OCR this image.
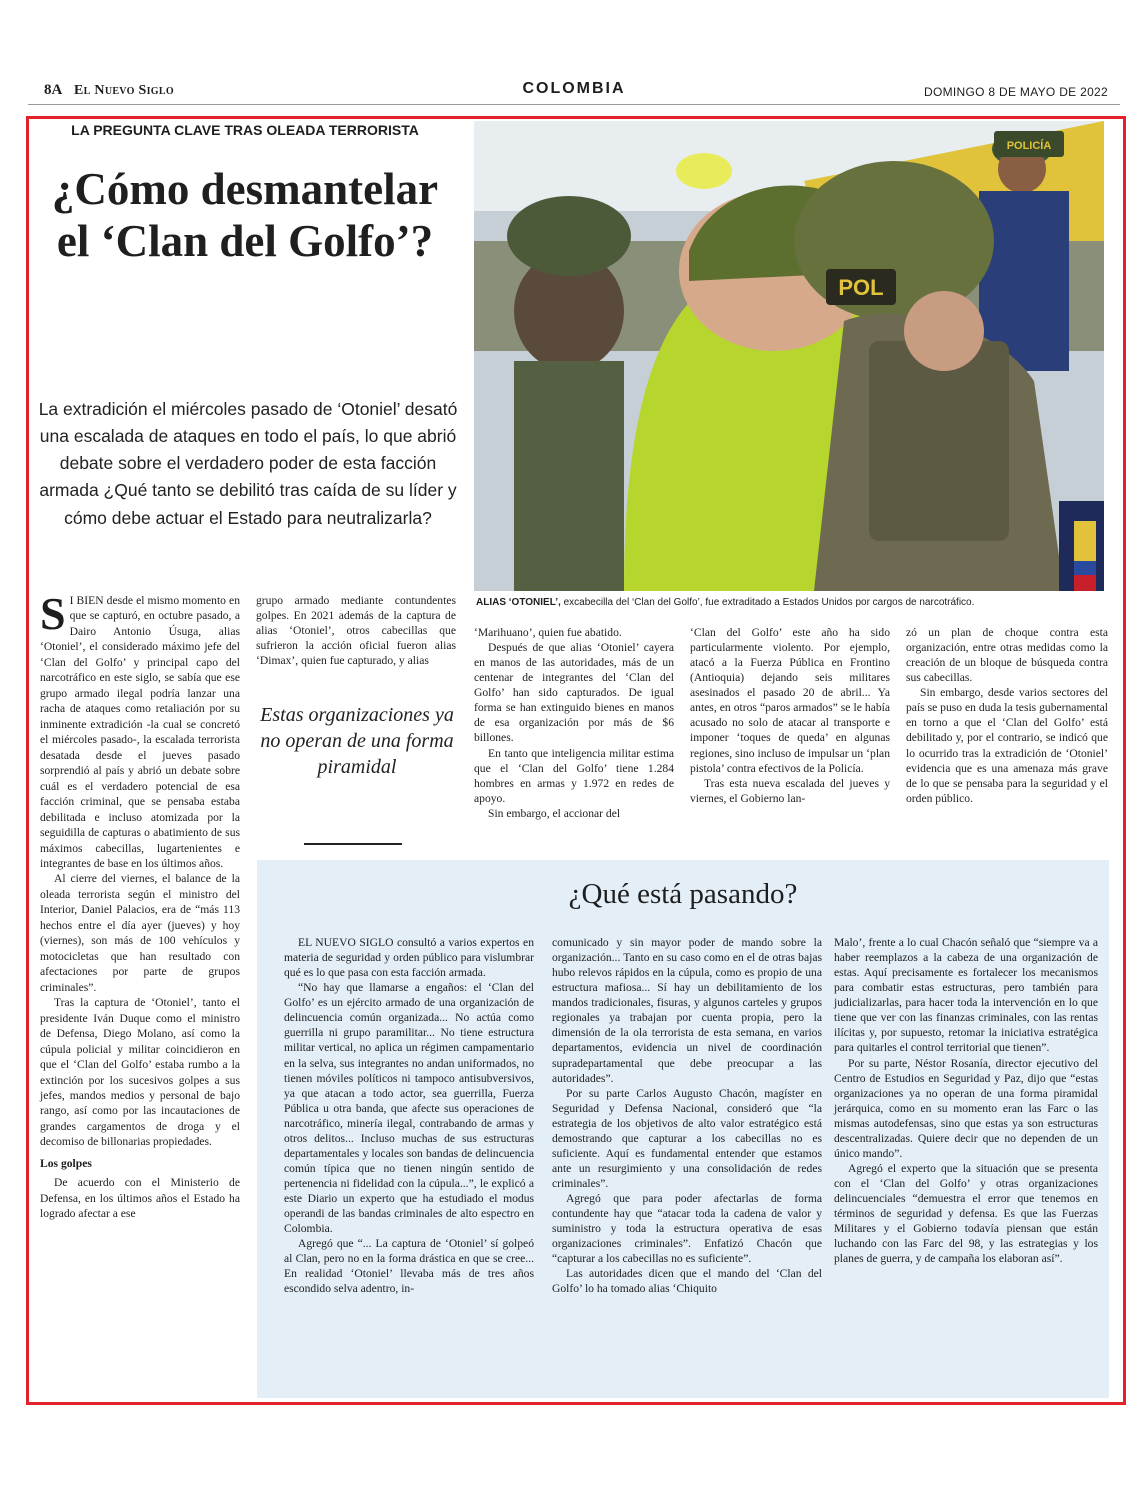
8A El Nuevo Siglo	COLOMBIA	DOMINGO 8 DE MAYO DE 2022
LA PREGUNTA CLAVE TRAS OLEADA TERRORISTA
¿Cómo desmantelar el ‘Clan del Golfo’?

La extradición el miércoles pasado de ‘Otoniel’ desató una escalada de ataques en todo el país, lo que abrió debate sobre el verdadero poder de esta facción armada ¿Qué tanto se debilitó tras caída de su líder y cómo debe actuar el Estado para neutralizarla?

POL
POLICÍA
ALIAS ‘OTONIEL’, excabecilla del ‘Clan del Golfo’, fue extraditado a Estados Unidos por cargos de narcotráfico.

S I BIEN desde el mismo momento en que se capturó, en octubre pasado, a Dairo Antonio Úsuga, alias ‘Otoniel’, el considerado máximo jefe del ‘Clan del Golfo’ y principal capo del narcotráfico en este siglo, se sabía que ese grupo armado ilegal podría lanzar una racha de ataques como retaliación por su inminente extradición -la cual se concretó el miércoles pasado-, la escalada terrorista desatada desde el jueves pasado sorprendió al país y abrió un debate sobre cuál es el verdadero potencial de esa facción criminal, que se pensaba estaba debilitada e incluso atomizada por la seguidilla de capturas o abatimiento de sus máximos cabecillas, lugartenientes e integrantes de base en los últimos años.

Al cierre del viernes, el balance de la oleada terrorista según el ministro del Interior, Daniel Palacios, era de “más 113 hechos entre el día ayer (jueves) y hoy (viernes), son más de 100 vehículos y motocicletas que han resultado con afectaciones por parte de grupos criminales”.

Tras la captura de ‘Otoniel’, tanto el presidente Iván Duque como el ministro de Defensa, Diego Molano, así como la cúpula policial y militar coincidieron en que el ‘Clan del Golfo’ estaba rumbo a la extinción por los sucesivos golpes a sus jefes, mandos medios y personal de bajo rango, así como por las incautaciones de grandes cargamentos de droga y el decomiso de billonarias propiedades.

Los golpes

De acuerdo con el Ministerio de Defensa, en los últimos años el Estado ha logrado afectar a ese

grupo armado mediante contundentes golpes. En 2021 además de la captura de alias ‘Otoniel’, otros cabecillas que sufrieron la acción oficial fueron alias ‘Dimax’, quien fue capturado, y alias

Estas organizaciones ya no operan de una forma piramidal

‘Marihuano’, quien fue abatido.

Después de que alias ‘Otoniel’ cayera en manos de las autoridades, más de un centenar de integrantes del ‘Clan del Golfo’ han sido capturados. De igual forma se han extinguido bienes en manos de esa organización por más de $6 billones.

En tanto que inteligencia militar estima que el ‘Clan del Golfo’ tiene 1.284 hombres en armas y 1.972 en redes de apoyo.

Sin embargo, el accionar del

‘Clan del Golfo’ este año ha sido particularmente violento. Por ejemplo, atacó a la Fuerza Pública en Frontino (Antioquia) dejando seis militares asesinados el pasado 20 de abril... Ya antes, en otros “paros armados” se le había acusado no solo de atacar al transporte e imponer ‘toques de queda’ en algunas regiones, sino incluso de impulsar un ‘plan pistola’ contra efectivos de la Policía.

Tras esta nueva escalada del jueves y viernes, el Gobierno lan-

zó un plan de choque contra esta organización, entre otras medidas como la creación de un bloque de búsqueda contra sus cabecillas.

Sin embargo, desde varios sectores del país se puso en duda la tesis gubernamental en torno a que el ‘Clan del Golfo’ está debilitado y, por el contrario, se indicó que lo ocurrido tras la extradición de ‘Otoniel’ evidencia que es una amenaza más grave de lo que se pensaba para la seguridad y el orden público.

¿Qué está pasando?

EL NUEVO SIGLO consultó a varios expertos en materia de seguridad y orden público para vislumbrar qué es lo que pasa con esta facción armada.

“No hay que llamarse a engaños: el ‘Clan del Golfo’ es un ejército armado de una organización de delincuencia común organizada... No actúa como guerrilla ni grupo paramilitar... No tiene estructura militar vertical, no aplica un régimen campamentario en la selva, sus integrantes no andan uniformados, no tienen móviles políticos ni tampoco antisubversivos, ya que atacan a todo actor, sea guerrilla, Fuerza Pública u otra banda, que afecte sus operaciones de narcotráfico, minería ilegal, contrabando de armas y otros delitos... Incluso muchas de sus estructuras departamentales y locales son bandas de delincuencia común típica que no tienen ningún sentido de pertenencia ni fidelidad con la cúpula...”, le explicó a este Diario un experto que ha estudiado el modus operandi de las bandas criminales de alto espectro en Colombia.

Agregó que “... La captura de ‘Otoniel’ sí golpeó al Clan, pero no en la forma drástica en que se cree... En realidad ‘Otoniel’ llevaba más de tres años escondido selva adentro, in-

comunicado y sin mayor poder de mando sobre la organización... Tanto en su caso como en el de otras bajas hubo relevos rápidos en la cúpula, como es propio de una estructura mafiosa... Sí hay un debilitamiento de los mandos tradicionales, fisuras, y algunos carteles y grupos regionales ya trabajan por cuenta propia, pero la dimensión de la ola terrorista de esta semana, en varios departamentos, evidencia un nivel de coordinación supradepartamental que debe preocupar a las autoridades”.

Por su parte Carlos Augusto Chacón, magíster en Seguridad y Defensa Nacional, consideró que “la estrategia de los objetivos de alto valor estratégico está demostrando que capturar a los cabecillas no es suficiente. Aquí es fundamental entender que estamos ante un resurgimiento y una consolidación de redes criminales”.

Agregó que para poder afectarlas de forma contundente hay que “atacar toda la cadena de valor y suministro y toda la estructura operativa de esas organizaciones criminales”. Enfatizó Chacón que “capturar a los cabecillas no es suficiente”.

Las autoridades dicen que el mando del ‘Clan del Golfo’ lo ha tomado alias ‘Chiquito

Malo’, frente a lo cual Chacón señaló que “siempre va a haber reemplazos a la cabeza de una organización de estas. Aquí precisamente es fortalecer los mecanismos para combatir estas estructuras, pero también para judicializarlas, para hacer toda la intervención en lo que tiene que ver con las finanzas criminales, con las rentas ilícitas y, por supuesto, retomar la iniciativa estratégica para quitarles el control territorial que tienen”.

Por su parte, Néstor Rosanía, director ejecutivo del Centro de Estudios en Seguridad y Paz, dijo que “estas organizaciones ya no operan de una forma piramidal jerárquica, como en su momento eran las Farc o las mismas autodefensas, sino que estas ya son estructuras descentralizadas. Quiere decir que no dependen de un único mando”.

Agregó el experto que la situación que se presenta con el ‘Clan del Golfo’ y otras organizaciones delincuenciales “demuestra el error que tenemos en términos de seguridad y defensa. Es que las Fuerzas Militares y el Gobierno todavía piensan que están luchando con las Farc del 98, y las estrategias y los planes de guerra, y de campaña los elaboran así”.
